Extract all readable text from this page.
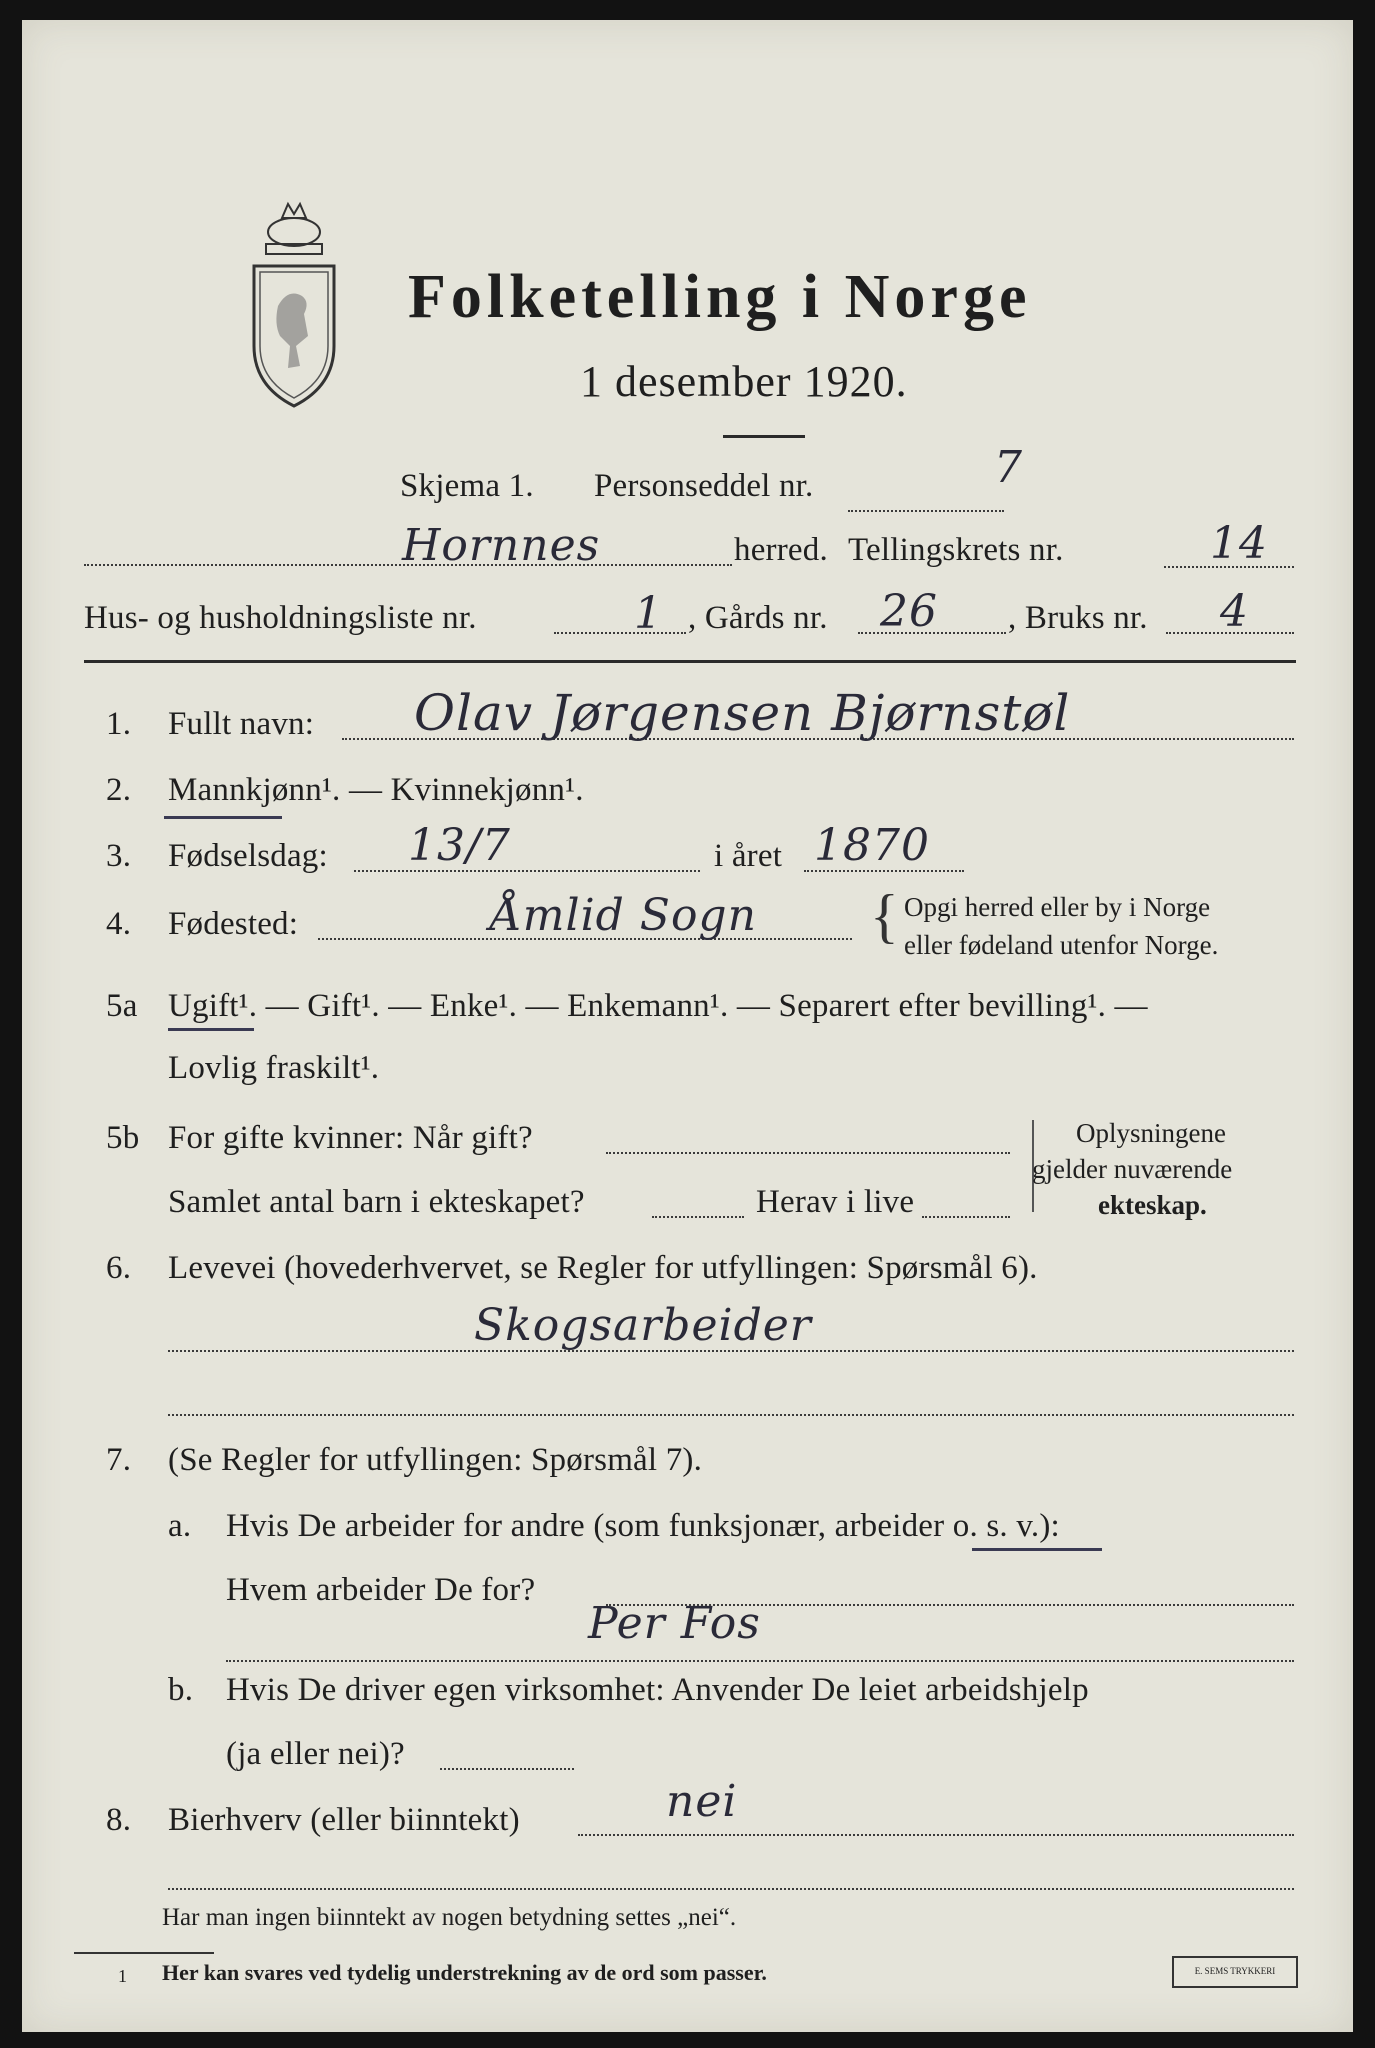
Folketelling i Norge
1 desember 1920.
Skjema 1. Personseddel nr.	7
Hornnes	herred. Tellingskrets nr.	14
Hus- og husholdningsliste nr.	1 , Gårds nr. 26 , Bruks nr. 4
1. Fullt navn: Olav Jørgensen Bjørnstøl
2. Mannkjønn¹. — Kvinnekjønn¹.
3. Fødselsdag: 13/7	i året 1870
4. Fødested:	Åmlid Sogn { Opgi herred eller by i Norge
eller fødeland utenfor Norge.
5a Ugift¹. — Gift¹. — Enke¹. — Enkemann¹. — Separert efter bevilling¹. —
Lovlig fraskilt¹.
5b For gifte kvinner: Når gift?
Samlet antal barn i ekteskapet?	Herav i live
Oplysningene
gjelder nuværende
ekteskap.
6. Levevei (hovederhvervet, se Regler for utfyllingen: Spørsmål 6).
Skogsarbeider
7. (Se Regler for utfyllingen: Spørsmål 7).
a. Hvis De arbeider for andre (som funksjonær, arbeider o. s. v.):
Hvem arbeider De for?
Per Fos
b. Hvis De driver egen virksomhet: Anvender De leiet arbeidshjelp
(ja eller nei)?
8. Bierhverv (eller biinntekt)	nei
Har man ingen biinntekt av nogen betydning settes „nei“.
1 Her kan svares ved tydelig understrekning av de ord som passer.	E. SEMS TRYKKERI
